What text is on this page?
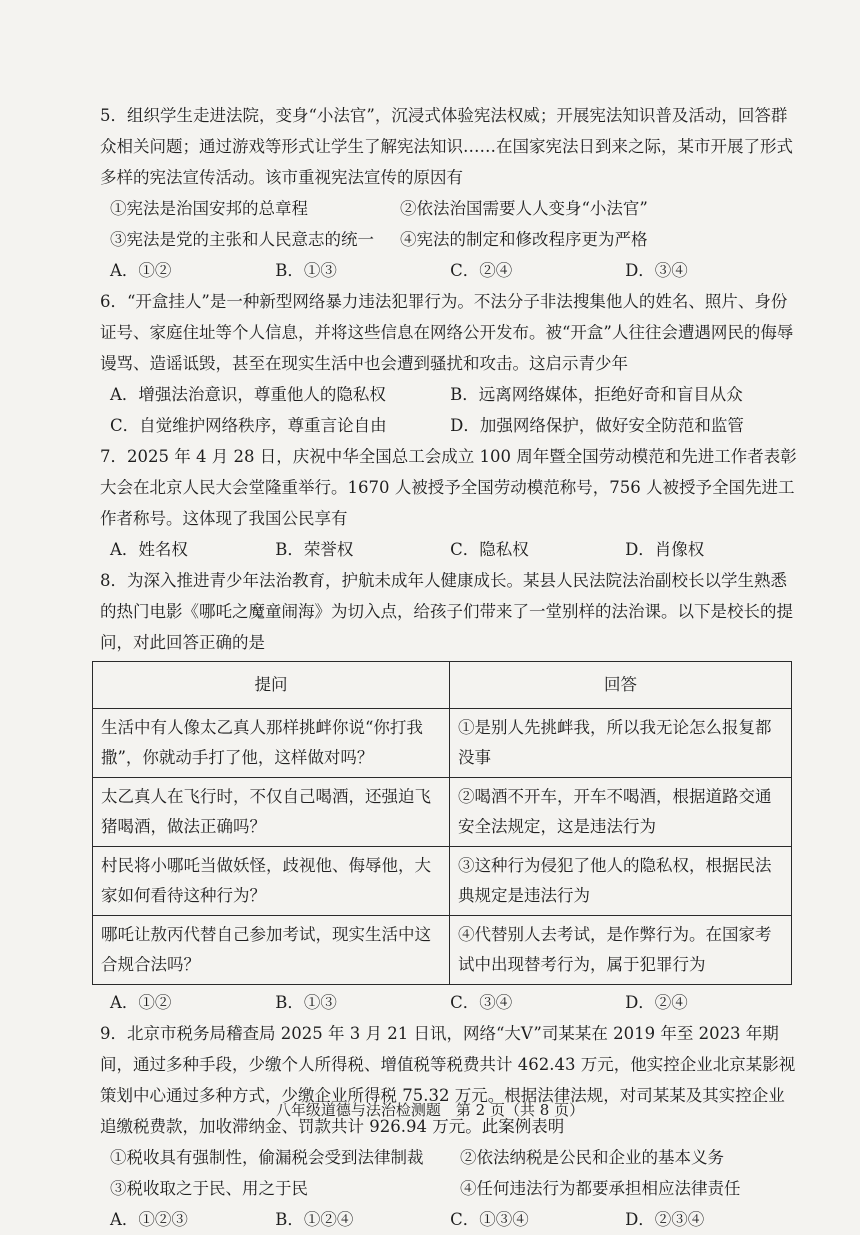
5．组织学生走进法院，变身“小法官”，沉浸式体验宪法权威；开展宪法知识普及活动，回答群众相关问题；通过游戏等形式让学生了解宪法知识……在国家宪法日到来之际，某市开展了形式多样的宪法宣传活动。该市重视宪法宣传的原因有
①宪法是治国安邦的总章程	②依法治国需要人人变身“小法官”
③宪法是党的主张和人民意志的统一	④宪法的制定和修改程序更为严格
A．①②	B．①③	C．②④	D．③④
6．“开盒挂人”是一种新型网络暴力违法犯罪行为。不法分子非法搜集他人的姓名、照片、身份证号、家庭住址等个人信息，并将这些信息在网络公开发布。被“开盒”人往往会遭遇网民的侮辱谩骂、造谣诋毁，甚至在现实生活中也会遭到骚扰和攻击。这启示青少年
A．增强法治意识，尊重他人的隐私权	B．远离网络媒体，拒绝好奇和盲目从众
C．自觉维护网络秩序，尊重言论自由	D．加强网络保护，做好安全防范和监管
7．2025 年 4 月 28 日，庆祝中华全国总工会成立 100 周年暨全国劳动模范和先进工作者表彰大会在北京人民大会堂隆重举行。1670 人被授予全国劳动模范称号，756 人被授予全国先进工作者称号。这体现了我国公民享有
A．姓名权	B．荣誉权	C．隐私权	D．肖像权
8．为深入推进青少年法治教育，护航未成年人健康成长。某县人民法院法治副校长以学生熟悉的热门电影《哪吒之魔童闹海》为切入点，给孩子们带来了一堂别样的法治课。以下是校长的提问，对此回答正确的是
提问	回答
生活中有人像太乙真人那样挑衅你说“你打我撒”，你就动手打了他，这样做对吗？	①是别人先挑衅我，所以我无论怎么报复都没事
太乙真人在飞行时，不仅自己喝酒，还强迫飞猪喝酒，做法正确吗？	②喝酒不开车，开车不喝酒，根据道路交通安全法规定，这是违法行为
村民将小哪吒当做妖怪，歧视他、侮辱他，大家如何看待这种行为？	③这种行为侵犯了他人的隐私权，根据民法典规定是违法行为
哪吒让敖丙代替自己参加考试，现实生活中这合规合法吗？	④代替别人去考试，是作弊行为。在国家考试中出现替考行为，属于犯罪行为
A．①②	B．①③	C．③④	D．②④
9．北京市税务局稽查局 2025 年 3 月 21 日讯，网络“大V”司某某在 2019 年至 2023 年期间，通过多种手段，少缴个人所得税、增值税等税费共计 462.43 万元，他实控企业北京某影视策划中心通过多种方式，少缴企业所得税 75.32 万元。根据法律法规，对司某某及其实控企业追缴税费款，加收滞纳金、罚款共计 926.94 万元。此案例表明
①税收具有强制性，偷漏税会受到法律制裁	②依法纳税是公民和企业的基本义务
③税收取之于民、用之于民	④任何违法行为都要承担相应法律责任
A．①②③	B．①②④	C．①③④	D．②③④
八年级道德与法治检测题　第 2 页（共 8 页）
